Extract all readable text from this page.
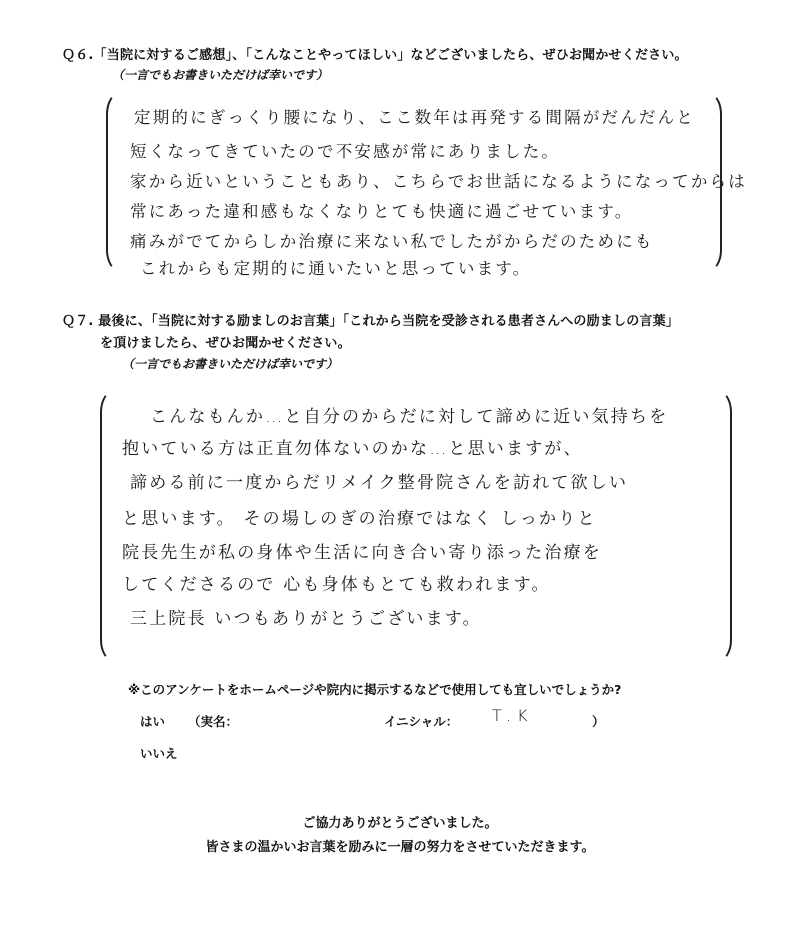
Ｑ６.「当院に対するご感想」、「こんなことやってほしい」などございましたら、ぜひお聞かせください。
（一言でもお書きいただけば幸いです）
定期的にぎっくり腰になり、ここ数年は再発する間隔がだんだんと
短くなってきていたので不安感が常にありました。
家から近いということもあり、こちらでお世話になるようになってからは
常にあった違和感もなくなりとても快適に過ごせています。
痛みがでてからしか治療に来ない私でしたがからだのためにも
これからも定期的に通いたいと思っています。
Ｑ７. 最後に、「当院に対する励ましのお言葉」「これから当院を受診される患者さんへの励ましの言葉」
を頂けましたら、ぜひお聞かせください。
（一言でもお書きいただけば幸いです）
こんなもんか…と自分のからだに対して諦めに近い気持ちを
抱いている方は正直勿体ないのかな…と思いますが、
諦める前に一度からだリメイク整骨院さんを訪れて欲しい
と思います。 その場しのぎの治療ではなく しっかりと
院長先生が私の身体や生活に向き合い寄り添った治療を
してくださるので 心も身体もとても救われます。
三上院長 いつもありがとうございます。
※このアンケートをホームページや院内に掲示するなどで使用しても宜しいでしょうか?
はい （実名：	イニシャル： T.K	）
いいえ
ご協力ありがとうございました。
皆さまの温かいお言葉を励みに一層の努力をさせていただきます。
